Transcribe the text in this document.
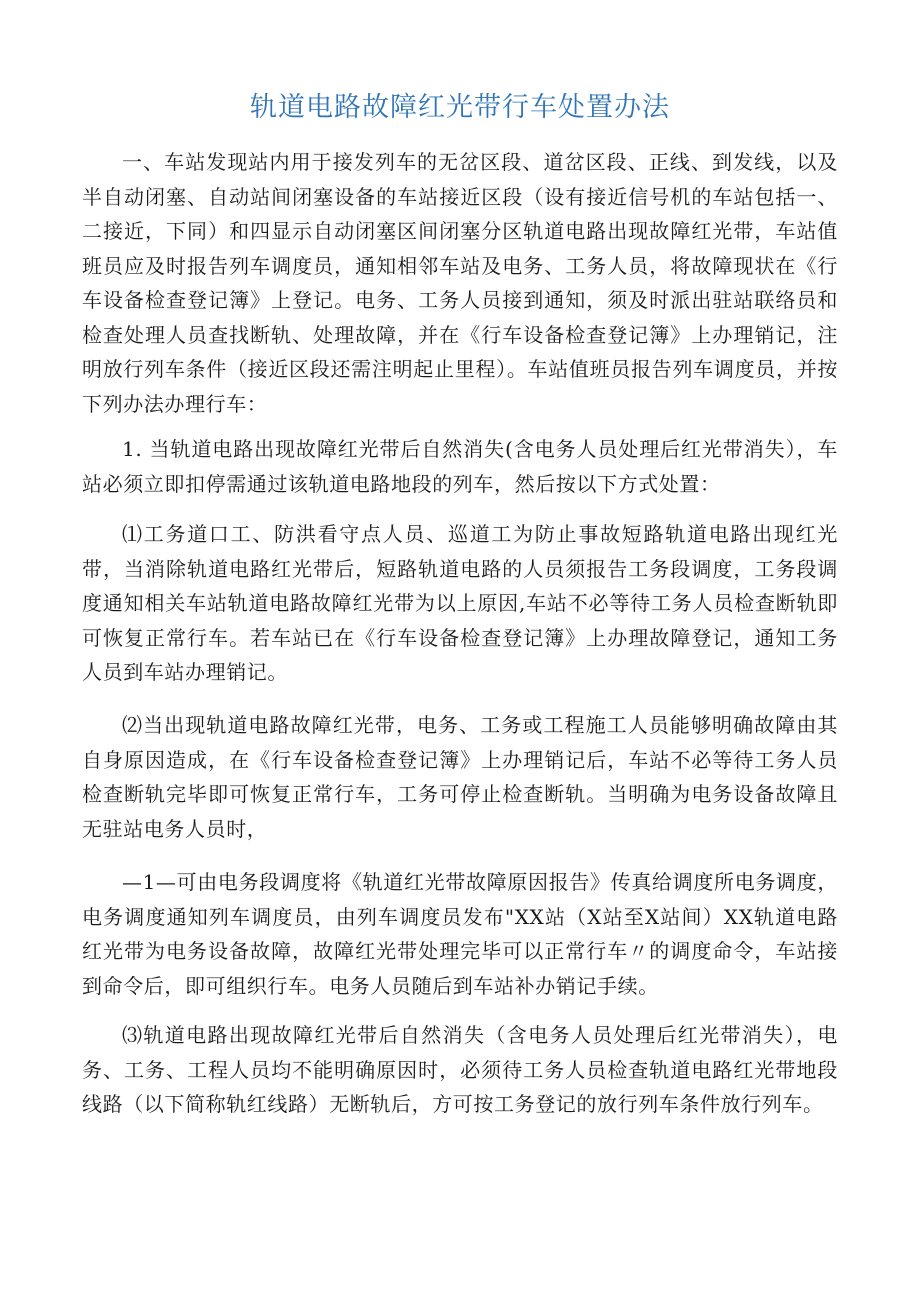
轨道电路故障红光带行车处置办法

一、车站发现站内用于接发列车的无岔区段、道岔区段、正线、到发线，以及半自动闭塞、自动站间闭塞设备的车站接近区段（设有接近信号机的车站包括一、二接近，下同）和四显示自动闭塞区间闭塞分区轨道电路出现故障红光带，车站值班员应及时报告列车调度员，通知相邻车站及电务、工务人员，将故障现状在《行车设备检查登记簿》上登记。电务、工务人员接到通知，须及时派出驻站联络员和检查处理人员查找断轨、处理故障，并在《行车设备检查登记簿》上办理销记，注明放行列车条件（接近区段还需注明起止里程）。车站值班员报告列车调度员，并按下列办法办理行车：

1. 当轨道电路出现故障红光带后自然消失(含电务人员处理后红光带消失），车站必须立即扣停需通过该轨道电路地段的列车，然后按以下方式处置：

⑴工务道口工、防洪看守点人员、巡道工为防止事故短路轨道电路出现红光带，当消除轨道电路红光带后，短路轨道电路的人员须报告工务段调度，工务段调度通知相关车站轨道电路故障红光带为以上原因,车站不必等待工务人员检查断轨即可恢复正常行车。若车站已在《行车设备检查登记簿》上办理故障登记，通知工务人员到车站办理销记。

⑵当出现轨道电路故障红光带，电务、工务或工程施工人员能够明确故障由其自身原因造成，在《行车设备检查登记簿》上办理销记后，车站不必等待工务人员检查断轨完毕即可恢复正常行车，工务可停止检查断轨。当明确为电务设备故障且无驻站电务人员时，

—1—可由电务段调度将《轨道红光带故障原因报告》传真给调度所电务调度，电务调度通知列车调度员，由列车调度员发布"XX站（X站至X站间）XX轨道电路红光带为电务设备故障，故障红光带处理完毕可以正常行车〃的调度命令，车站接到命令后，即可组织行车。电务人员随后到车站补办销记手续。

⑶轨道电路出现故障红光带后自然消失（含电务人员处理后红光带消失），电务、工务、工程人员均不能明确原因时，必须待工务人员检查轨道电路红光带地段线路（以下简称轨红线路）无断轨后，方可按工务登记的放行列车条件放行列车。
